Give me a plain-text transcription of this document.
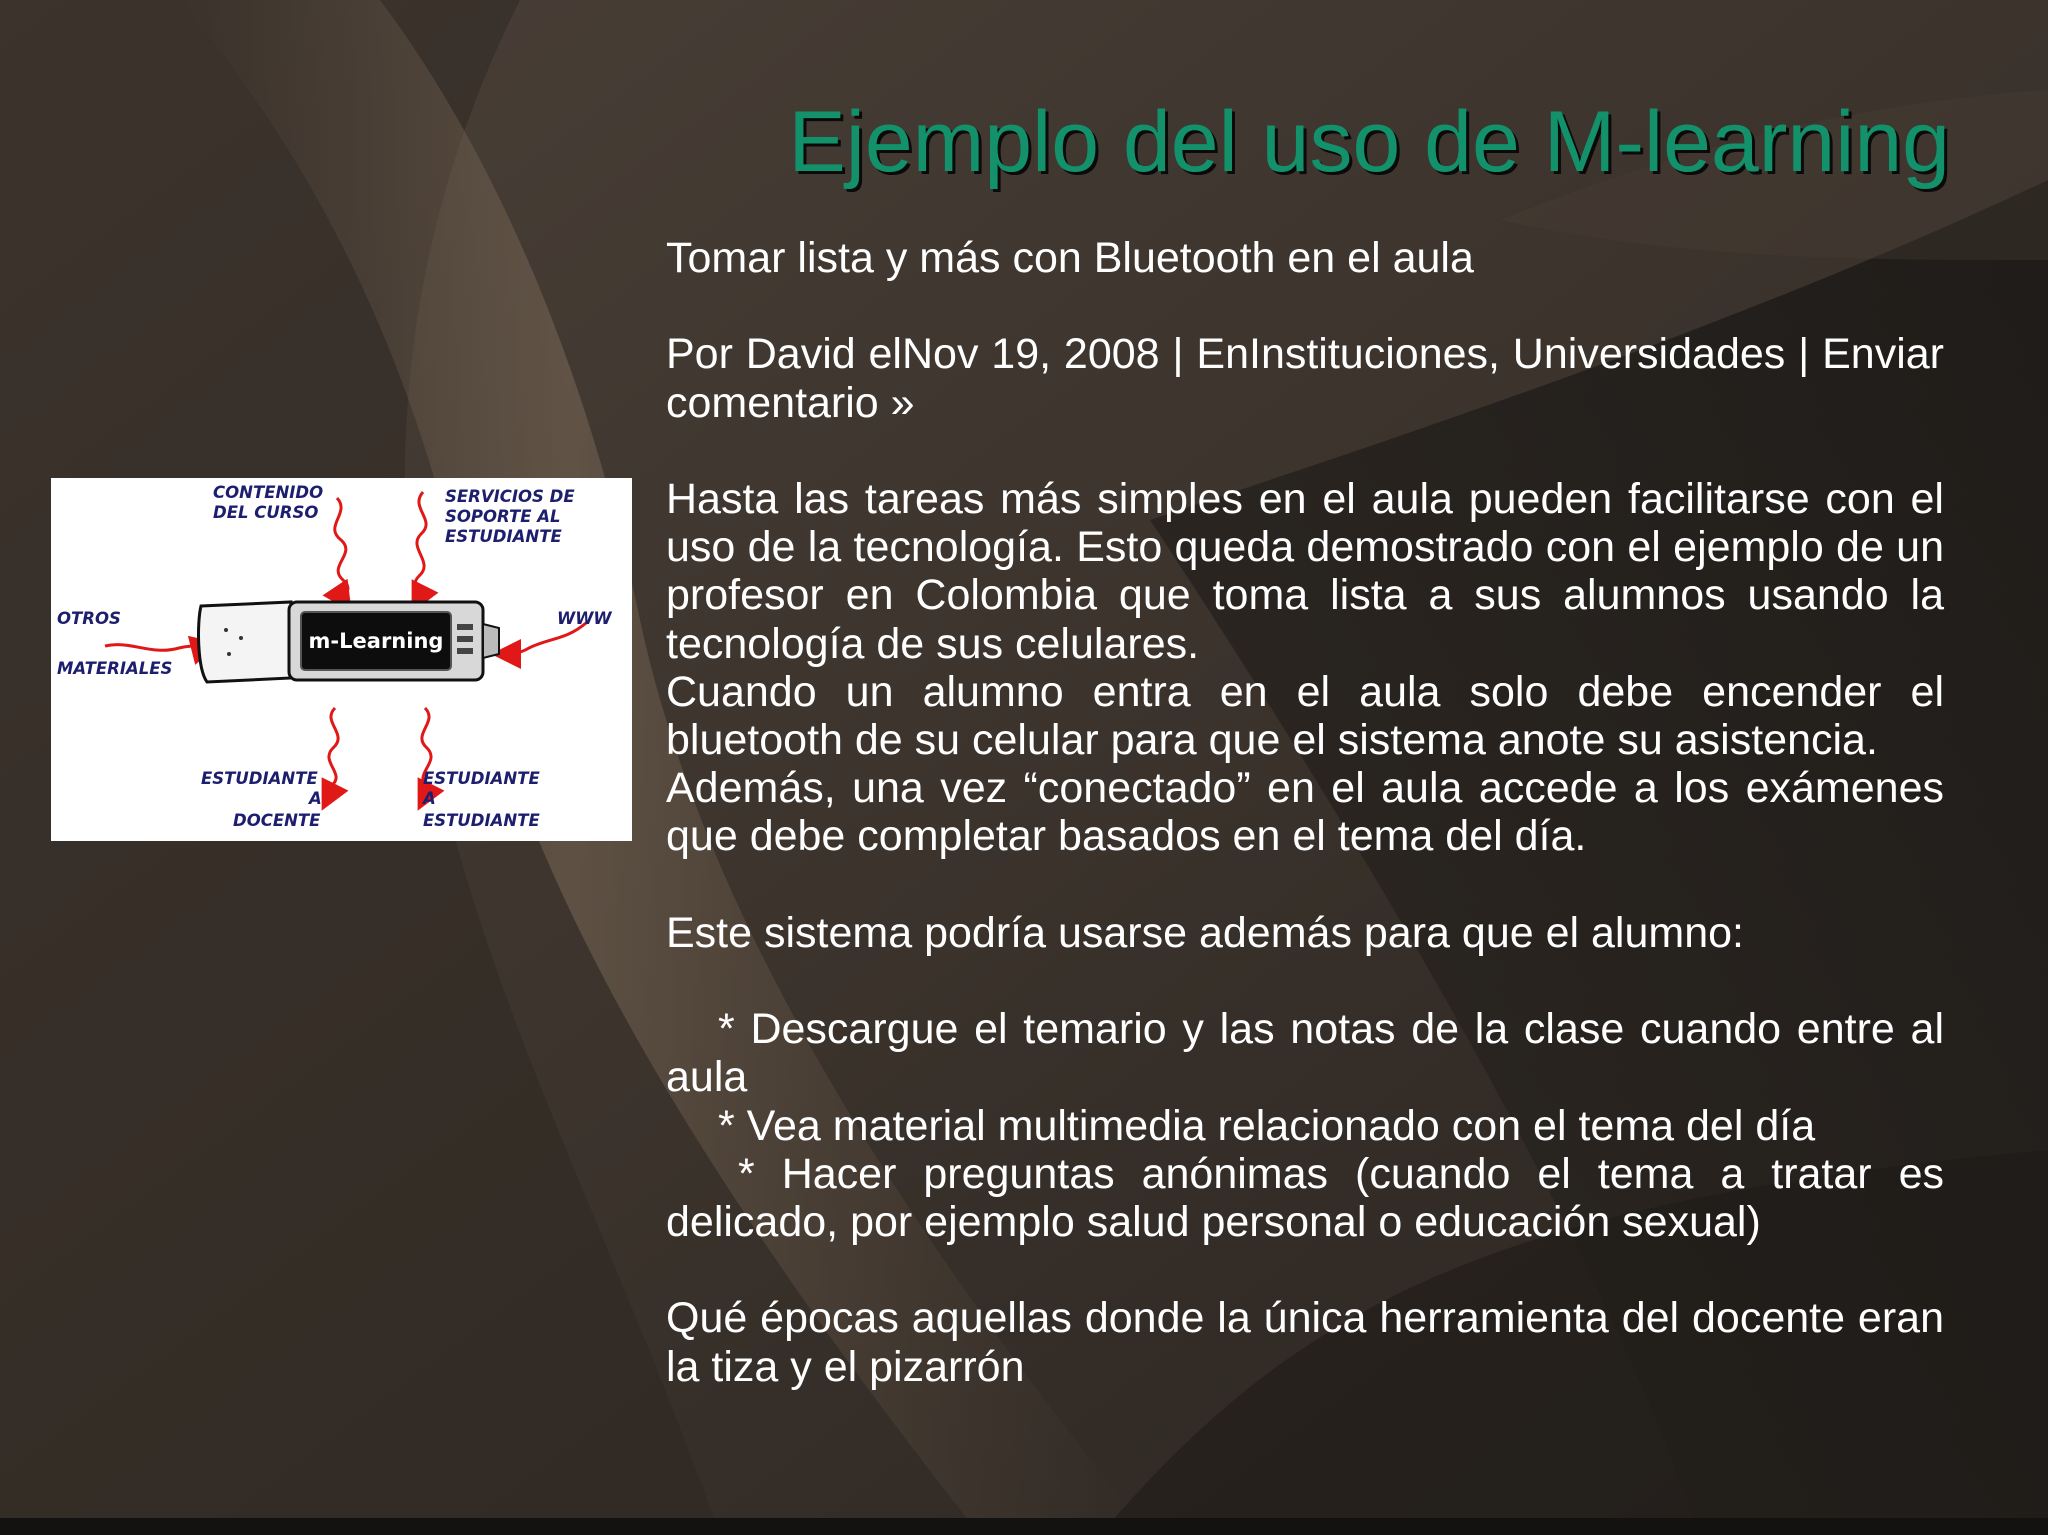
Ejemplo del uso de M-learning
m-Learning
CONTENIDO
DEL CURSO
SERVICIOS DE
SOPORTE AL
ESTUDIANTE
OTROS
MATERIALES
WWW
ESTUDIANTE
A
DOCENTE
ESTUDIANTE
A
ESTUDIANTE

Tomar lista y más con Bluetooth en el aula

Por David elNov 19, 2008 | EnInstituciones, Universidades | Enviar comentario »

Hasta las tareas más simples en el aula pueden facilitarse con el uso de la tecnología. Esto queda demostrado con el ejemplo de un profesor en Colombia que toma lista a sus alumnos usando la tecnología de sus celulares.

Cuando un alumno entra en el aula solo debe encender el bluetooth de su celular para que el sistema anote su asistencia.

Además, una vez “conectado” en el aula accede a los exámenes que debe completar basados en el tema del día.

Este sistema podría usarse además para que el alumno:

* Descargue el temario y las notas de la clase cuando entre al aula

* Vea material multimedia relacionado con el tema del día

* Hacer preguntas anónimas (cuando el tema a tratar es delicado, por ejemplo salud personal o educación sexual)

Qué épocas aquellas donde la única herramienta del docente eran la tiza y el pizarrón
